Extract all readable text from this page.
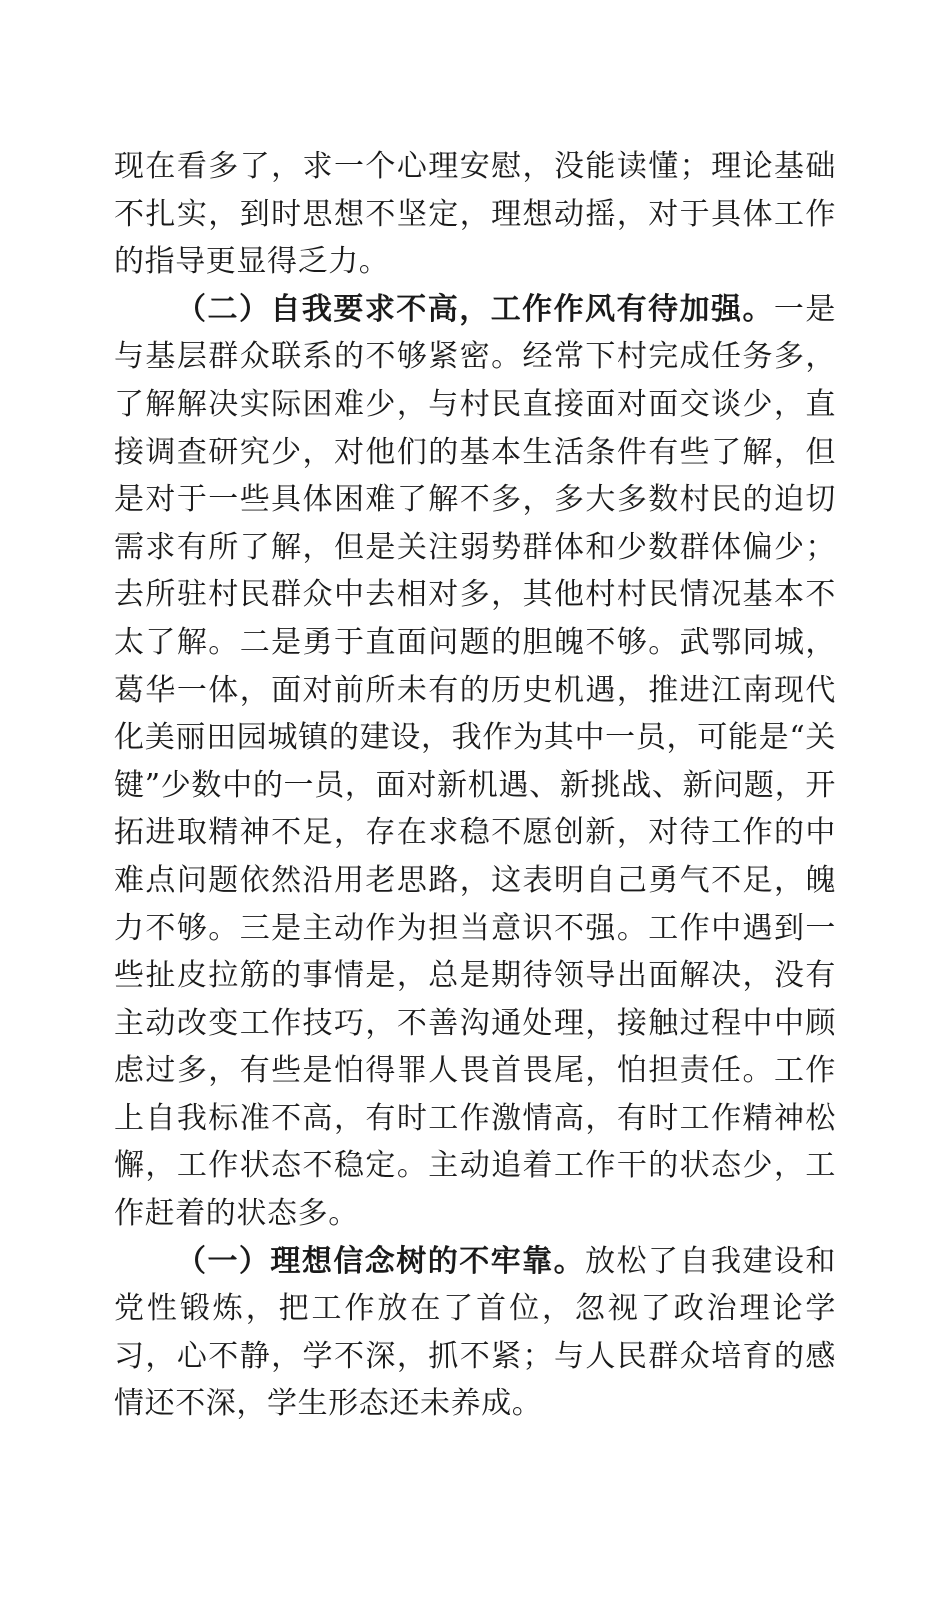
现在看多了，求一个心理安慰，没能读懂；理论基础不扎实，到时思想不坚定，理想动摇，对于具体工作的指导更显得乏力。

（二）自我要求不高，工作作风有待加强。一是与基层群众联系的不够紧密。经常下村完成任务多，了解解决实际困难少，与村民直接面对面交谈少，直接调查研究少，对他们的基本生活条件有些了解，但是对于一些具体困难了解不多，多大多数村民的迫切需求有所了解，但是关注弱势群体和少数群体偏少；去所驻村民群众中去相对多，其他村村民情况基本不太了解。二是勇于直面问题的胆魄不够。武鄂同城，葛华一体，面对前所未有的历史机遇，推进江南现代化美丽田园城镇的建设，我作为其中一员，可能是“关键”少数中的一员，面对新机遇、新挑战、新问题，开拓进取精神不足，存在求稳不愿创新，对待工作的中难点问题依然沿用老思路，这表明自己勇气不足，魄力不够。三是主动作为担当意识不强。工作中遇到一些扯皮拉筋的事情是，总是期待领导出面解决，没有主动改变工作技巧，不善沟通处理，接触过程中中顾虑过多，有些是怕得罪人畏首畏尾，怕担责任。工作上自我标准不高，有时工作激情高，有时工作精神松懈，工作状态不稳定。主动追着工作干的状态少，工作赶着的状态多。

（一）理想信念树的不牢靠。放松了自我建设和党性锻炼，把工作放在了首位，忽视了政治理论学习，心不静，学不深，抓不紧；与人民群众培育的感情还不深，学生形态还未养成。
